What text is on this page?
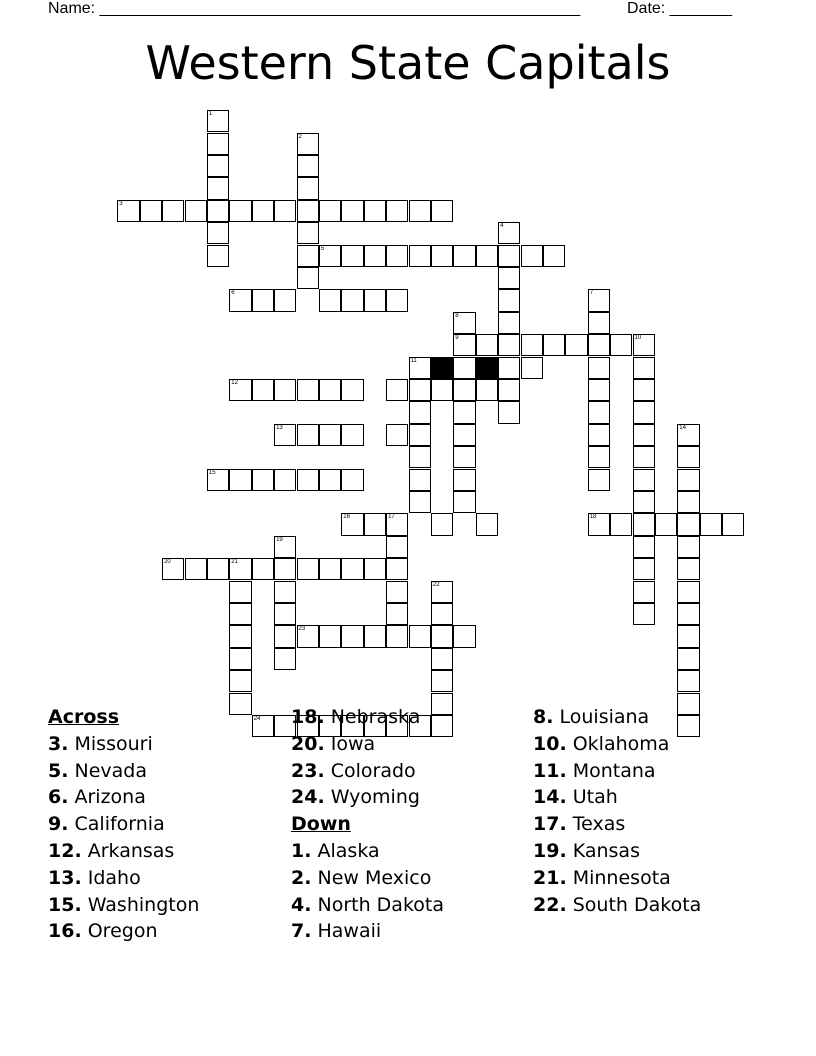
Name: ______________________________________________________	Date: _______
Western State Capitals
1
2
3
4
5
6	7
8
9	10
11
12
13	14
15
16	17	18
19
20	21
22
23
24
Across
3. Missouri
5. Nevada
6. Arizona
9. California
12. Arkansas
13. Idaho
15. Washington
16. Oregon
18. Nebraska
20. Iowa
23. Colorado
24. Wyoming
Down
1. Alaska
2. New Mexico
4. North Dakota
7. Hawaii
8. Louisiana
10. Oklahoma
11. Montana
14. Utah
17. Texas
19. Kansas
21. Minnesota
22. South Dakota
